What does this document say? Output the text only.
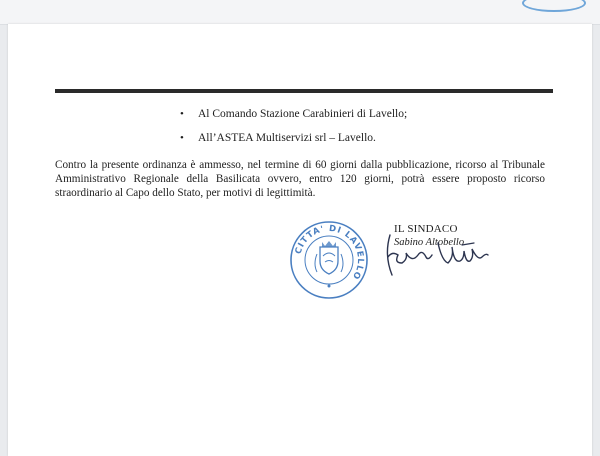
• Al Comando Stazione Carabinieri di Lavello;
• All’ASTEA Multiservizi srl – Lavello.

Contro la presente ordinanza è ammesso, nel termine di 60 giorni dalla pubblicazione, ricorso al Tribunale Amministrativo Regionale della Basilicata ovvero, entro 120 giorni, potrà essere proposto ricorso straordinario al Capo dello Stato, per motivi di legittimità.

CITTA' DI LAVELLO
IL SINDACO
Sabino Altobello
